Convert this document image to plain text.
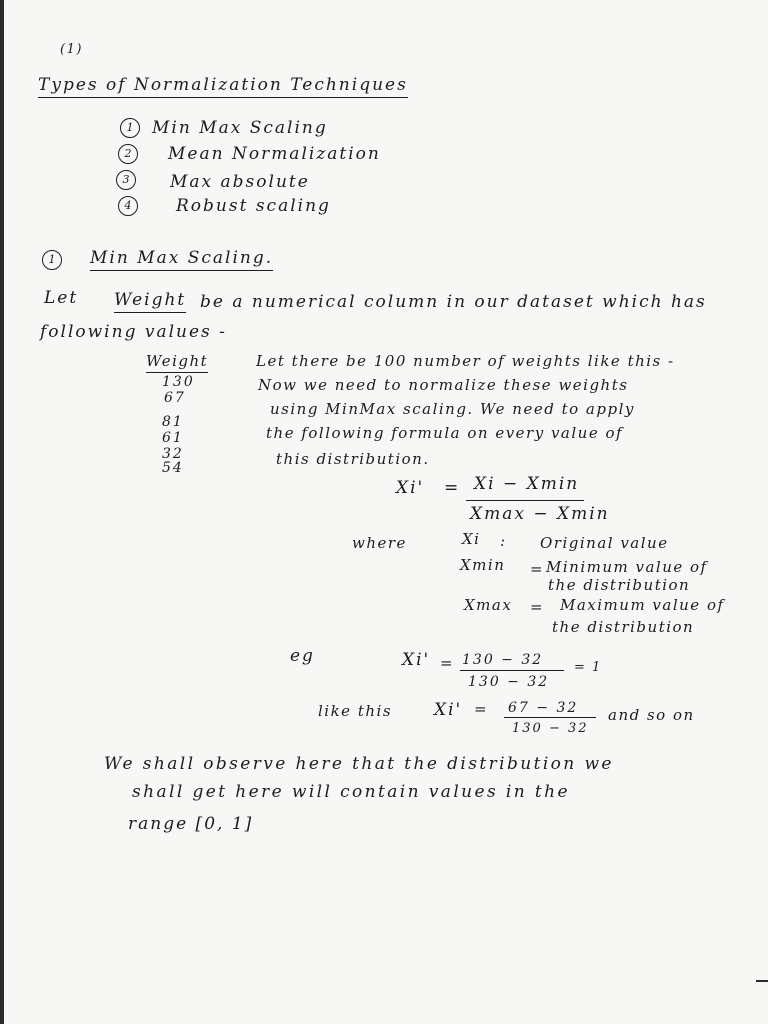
(1)
Types of Normalization Techniques
1	Min Max Scaling
2	Mean Normalization
3	Max absolute
4	Robust scaling
1	Min Max Scaling.
Let Weight be a numerical column in our dataset which has
following values -
Weight
130
67
81
61
32
54
Let there be 100 number of weights like this -
Now we need to normalize these weights
using MinMax scaling. We need to apply
the following formula on every value of
this distribution.
Xi' = Xi − Xmin
Xmax − Xmin
where	Xi : Original value
Xmin = Minimum value of
the distribution
Xmax = Maximum value of
the distribution
eg	Xi' = 130 − 32
130 − 32
= 1
like this Xi' = 67 − 32
130 − 32
and so on
We shall observe here that the distribution we
shall get here will contain values in the
range [0, 1]
